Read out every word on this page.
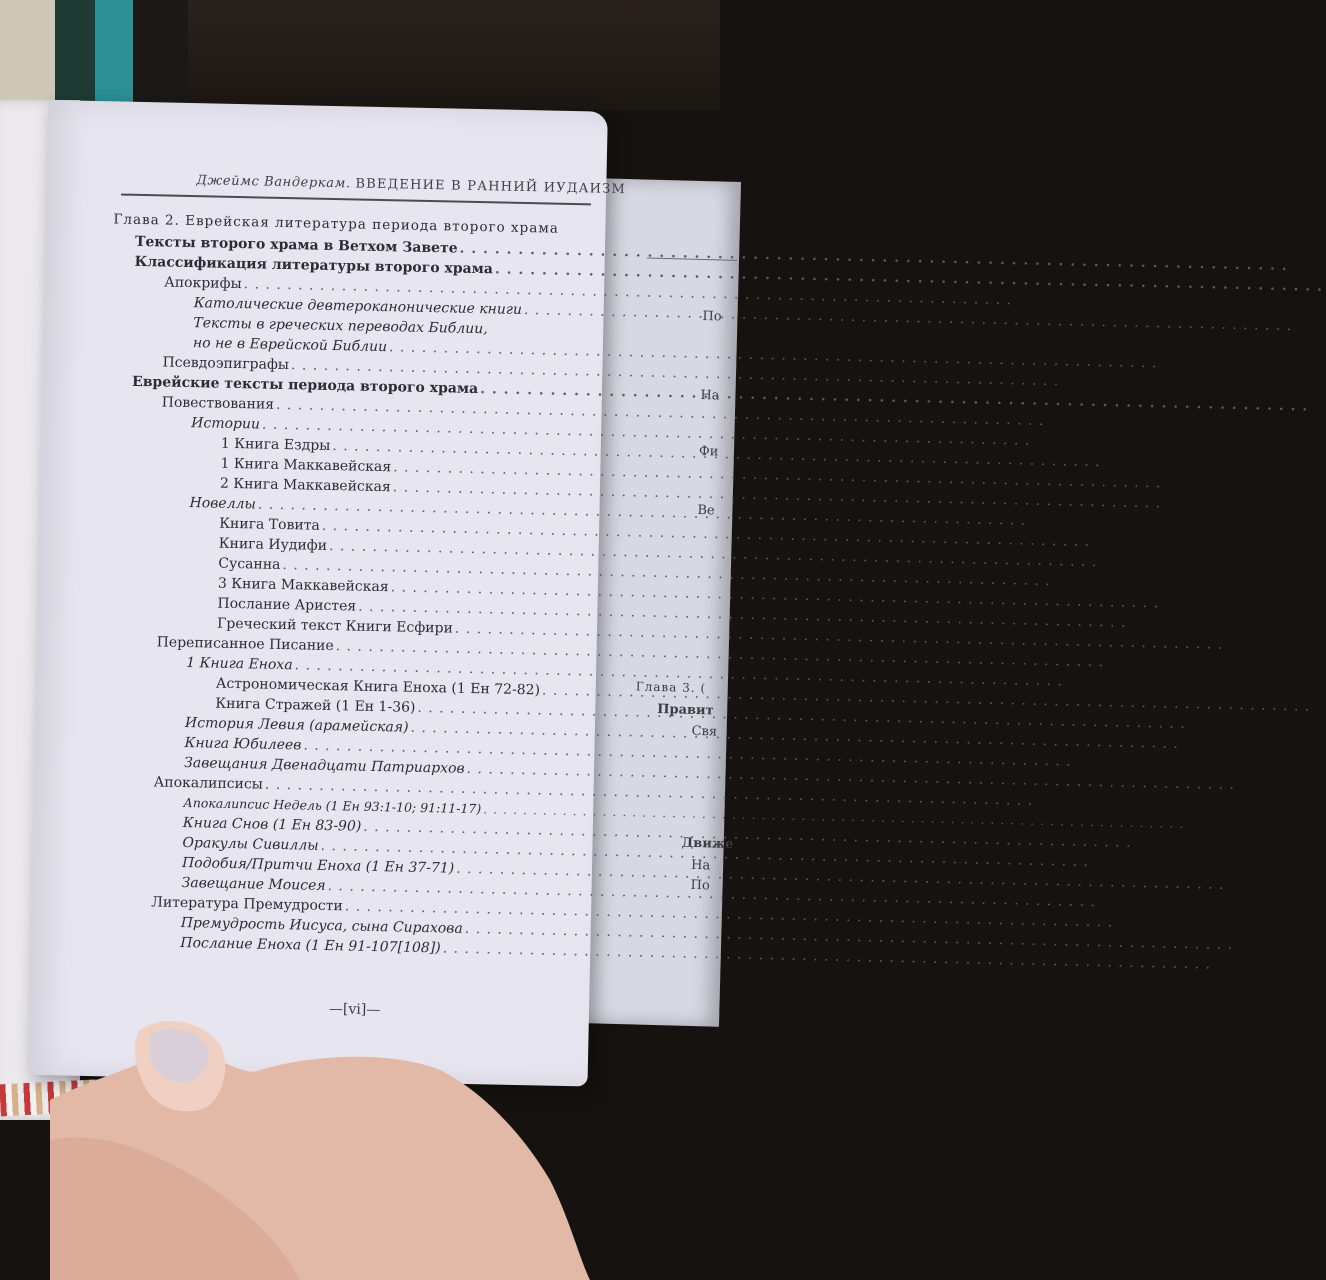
По
На
Фи
Ве
Глава 3. (
Правит
Свя
Движе
На
По
Джеймс Вандеркам. ВВЕДЕНИЕ В РАННИЙ ИУДАИЗМ
Глава 2. Еврейская литература периода второго храма
Тексты второго храма в Ветхом Завете
. . .
Классификация литературы второго храма
. . .
Апокрифы
. . .
Католические девтероканонические книги
. . .
Тексты в греческих переводах Библии,
но не в Еврейской Библии
. . .
Псевдоэпиграфы
. . .
Еврейские тексты периода второго храма
. . .
Повествования
. . .
Истории
. . .
1 Книга Ездры
. . .
1 Книга Маккавейская
. . .
2 Книга Маккавейская
. . .
Новеллы
. . .
Книга Товита
. . .
Книга Иудифи
. . .
Сусанна
. . .
3 Книга Маккавейская
. . .
Послание Аристея
. . .
Греческий текст Книги Есфири
. . .
Переписанное Писание
. . .
1 Книга Еноха
. . .
Астрономическая Книга Еноха (1 Ен 72-82)
. . .
Книга Стражей (1 Ен 1-36)
. . .
История Левия (арамейская)
. . .
Книга Юбилеев
. . .
Завещания Двенадцати Патриархов
. . .
Апокалипсисы
. . .
Апокалипсис Недель (1 Ен 93:1-10; 91:11-17)
. . .
Книга Снов (1 Ен 83-90)
. . .
Оракулы Сивиллы
. . .
Подобия/Притчи Еноха (1 Ен 37-71)
. . .
Завещание Моисея
. . .
Литература Премудрости
. . .
Премудрость Иисуса, сына Сирахова
. . .
Послание Еноха (1 Ен 91-107[108])
. . .
—[vi]—
